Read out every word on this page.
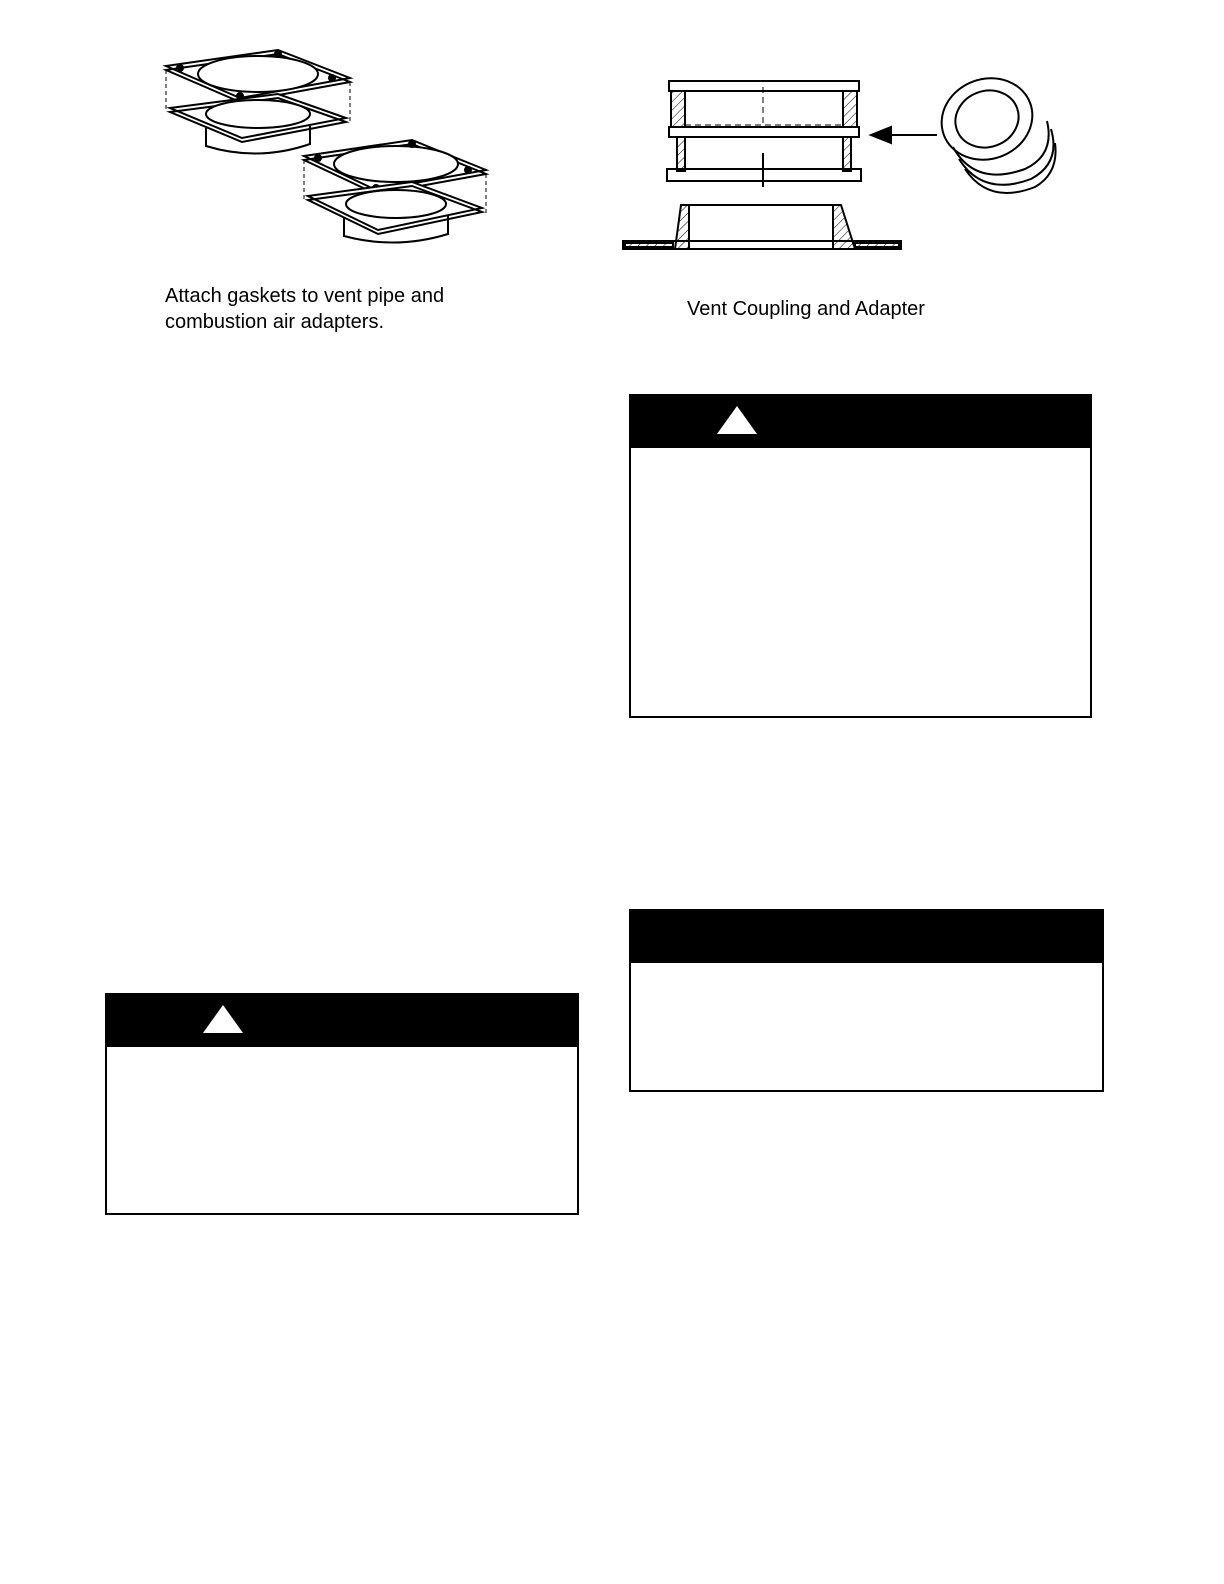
Attach gaskets to vent pipe and
combustion air adapters.
Vent Coupling and Adapter
